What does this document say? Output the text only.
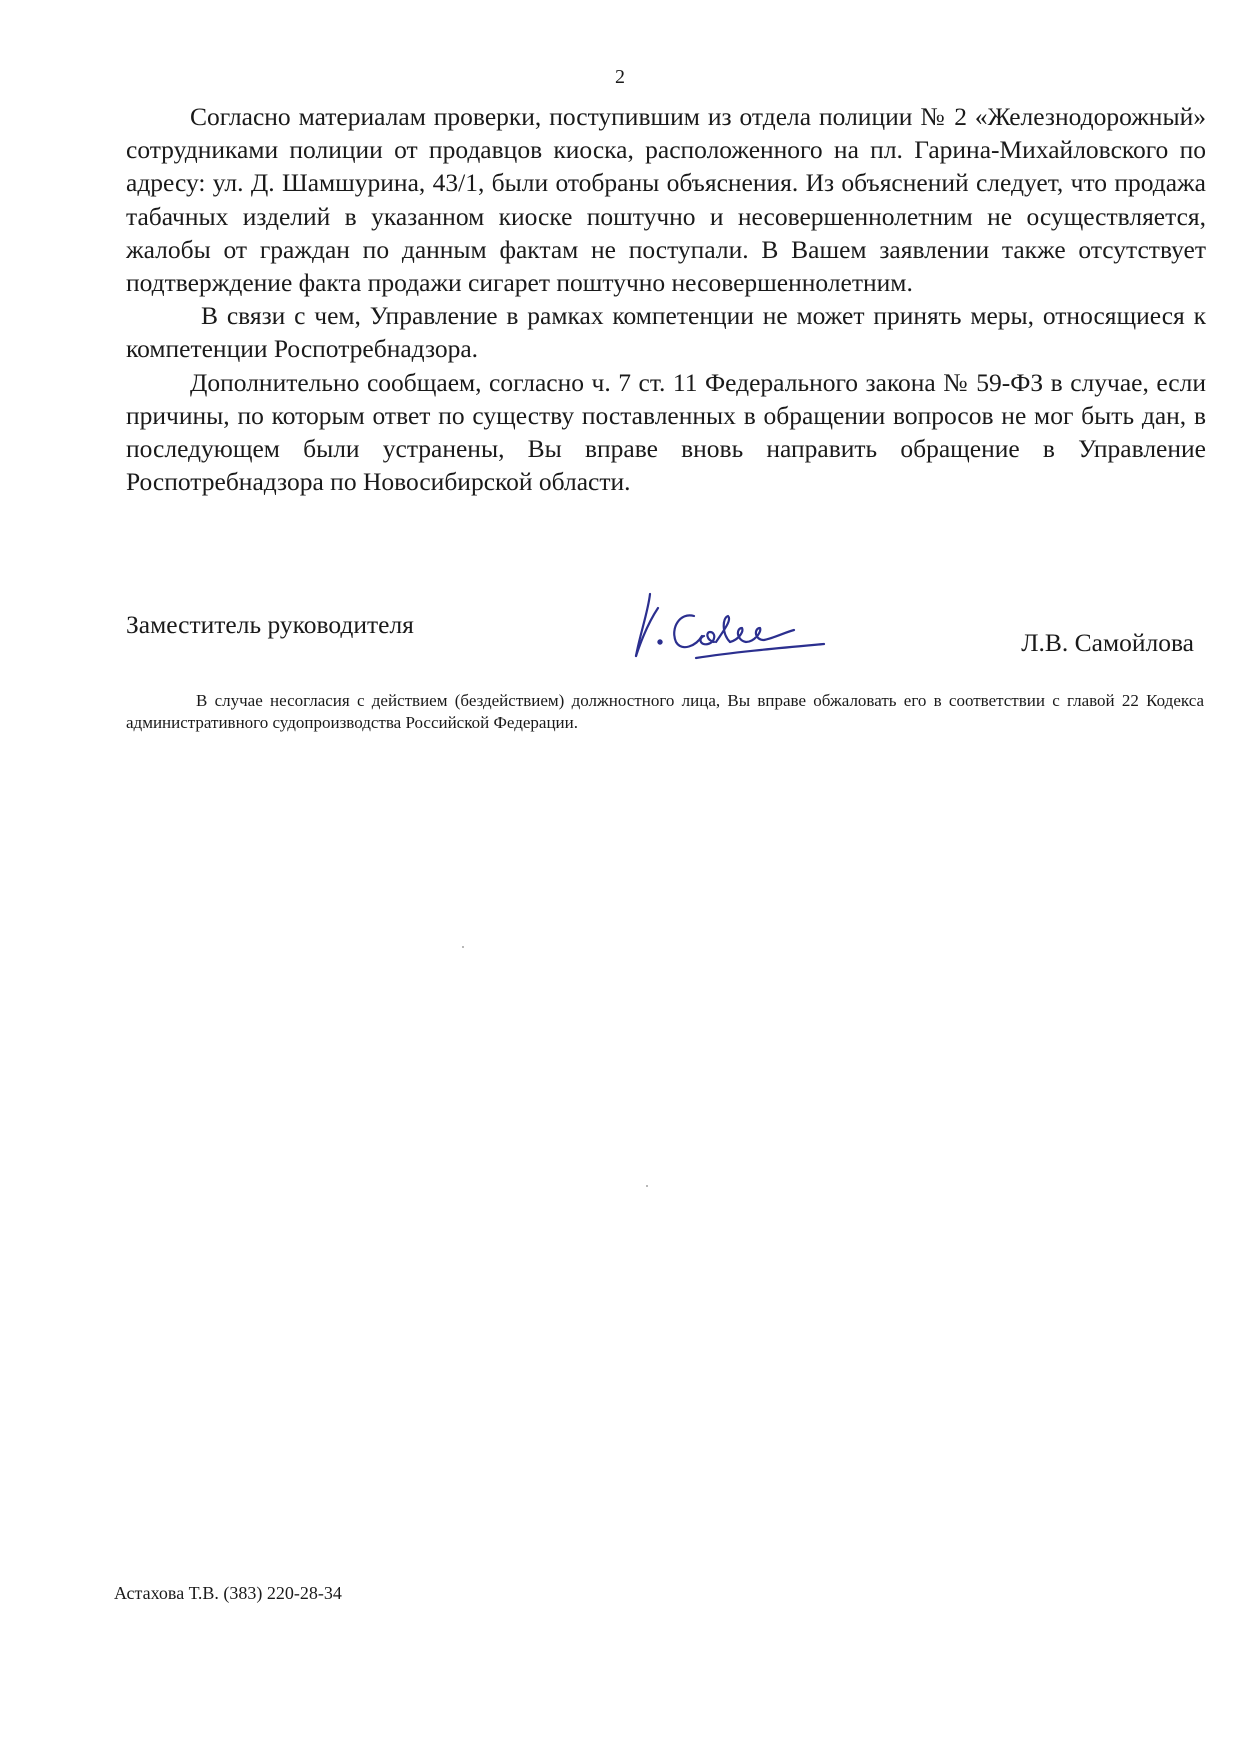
2

Согласно материалам проверки, поступившим из отдела полиции № 2 «Железнодорожный» сотрудниками полиции от продавцов киоска, расположенного на пл. Гарина-Михайловского по адресу: ул. Д. Шамшурина, 43/1, были отобраны объяснения. Из объяснений следует, что продажа табачных изделий в указанном киоске поштучно и несовершеннолетним не осуществляется, жалобы от граждан по данным фактам не поступали. В Вашем заявлении также отсутствует подтверждение факта продажи сигарет поштучно несовершеннолетним.

В связи с чем, Управление в рамках компетенции не может принять меры, относящиеся к компетенции Роспотребнадзора.

Дополнительно сообщаем, согласно ч. 7 ст. 11 Федерального закона № 59-ФЗ в случае, если причины, по которым ответ по существу поставленных в обращении вопросов не мог быть дан, в последующем были устранены, Вы вправе вновь направить обращение в Управление Роспотребнадзора по Новосибирской области.

Заместитель руководителя
Л.В. Самойлова
В случае несогласия с действием (бездействием) должностного лица, Вы вправе обжаловать его в соответствии с главой 22 Кодекса административного судопроизводства Российской Федерации.
Астахова Т.В. (383) 220-28-34
